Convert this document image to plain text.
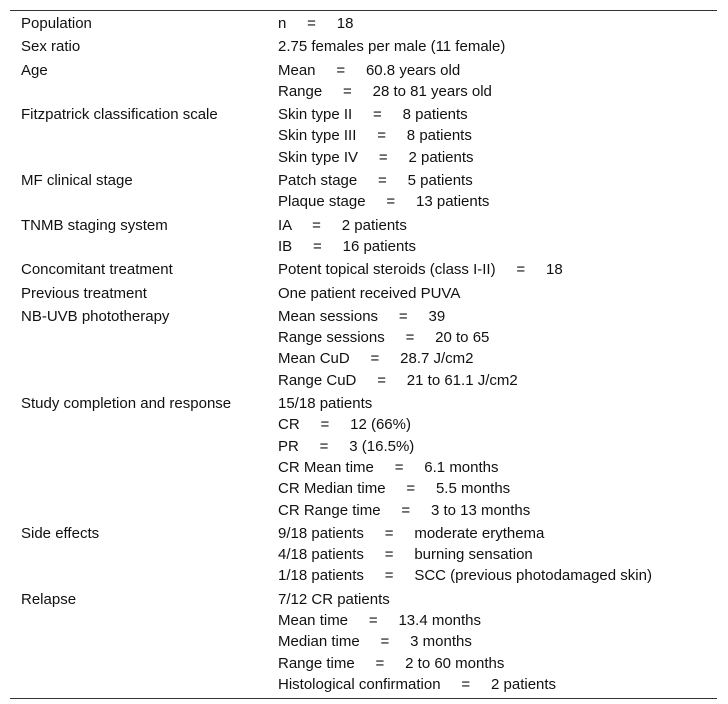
Population	n     =     18
Sex ratio	2.75 females per male (11 female)
Age	Mean     =     60.8 years old
Range     =     28 to 81 years old
Fitzpatrick classification scale	Skin type II     =     8 patients
Skin type III     =     8 patients
Skin type IV     =     2 patients
MF clinical stage	Patch stage     =     5 patients
Plaque stage     =     13 patients
TNMB staging system	IA     =     2 patients
IB     =     16 patients
Concomitant treatment	Potent topical steroids (class I-II)     =     18
Previous treatment	One patient received PUVA
NB-UVB phototherapy	Mean sessions     =     39
Range sessions     =     20 to 65
Mean CuD     =     28.7 J/cm2
Range CuD     =     21 to 61.1 J/cm2
Study completion and response	15/18 patients
CR     =     12 (66%)
PR     =     3 (16.5%)
CR Mean time     =     6.1 months
CR Median time     =     5.5 months
CR Range time     =     3 to 13 months
Side effects	9/18 patients     =     moderate erythema
4/18 patients     =     burning sensation
1/18 patients     =     SCC (previous photodamaged skin)
Relapse	7/12 CR patients
Mean time     =     13.4 months
Median time     =     3 months
Range time     =     2 to 60 months
Histological confirmation     =     2 patients
